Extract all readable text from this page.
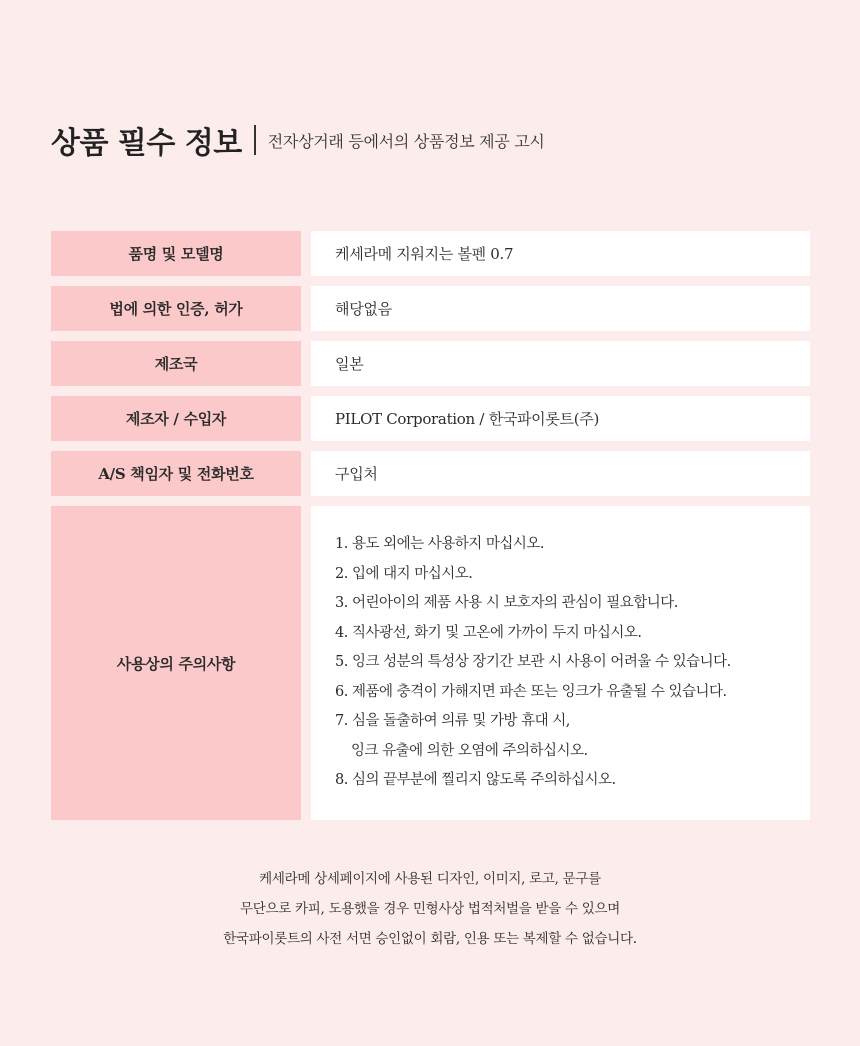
상품 필수 정보 전자상거래 등에서의 상품정보 제공 고시
품명 및 모델명	케세라메 지워지는 볼펜 0.7
법에 의한 인증, 허가	해당없음
제조국	일본
제조자 / 수입자	PILOT Corporation / 한국파이롯트(주)
A/S 책임자 및 전화번호	구입처
사용상의 주의사항
1. 용도 외에는 사용하지 마십시오.
2. 입에 대지 마십시오.
3. 어린아이의 제품 사용 시 보호자의 관심이 필요합니다.
4. 직사광선, 화기 및 고온에 가까이 두지 마십시오.
5. 잉크 성분의 특성상 장기간 보관 시 사용이 어려울 수 있습니다.
6. 제품에 충격이 가해지면 파손 또는 잉크가 유출될 수 있습니다.
7. 심을 돌출하여 의류 및 가방 휴대 시,
잉크 유출에 의한 오염에 주의하십시오.
8. 심의 끝부분에 찔리지 않도록 주의하십시오.

케세라메 상세페이지에 사용된 디자인, 이미지, 로고, 문구를

무단으로 카피, 도용했을 경우 민형사상 법적처벌을 받을 수 있으며

한국파이롯트의 사전 서면 승인없이 회람, 인용 또는 복제할 수 없습니다.
